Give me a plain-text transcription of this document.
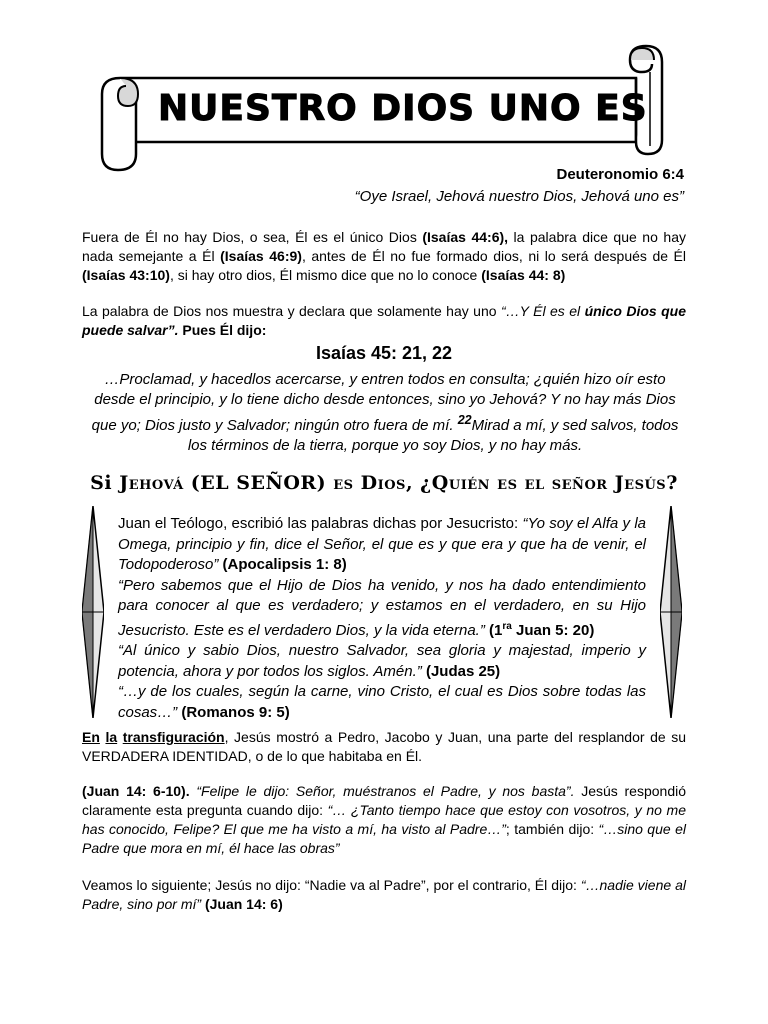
NUESTRO DIOS UNO ES
Deuteronomio 6:4
“Oye Israel, Jehová nuestro Dios, Jehová uno es”
Fuera de Él no hay Dios, o sea, Él es el único Dios (Isaías 44:6), la palabra dice que no hay nada semejante a Él (Isaías 46:9), antes de Él no fue formado dios, ni lo será después de Él (Isaías 43:10), si hay otro dios, Él mismo dice que no lo conoce (Isaías 44: 8)
La palabra de Dios nos muestra y declara que solamente hay uno “…Y Él es el único Dios que puede salvar”. Pues Él dijo:
Isaías 45: 21, 22
…Proclamad, y hacedlos acercarse, y entren todos en consulta; ¿quién hizo oír esto desde el principio, y lo tiene dicho desde entonces, sino yo Jehová? Y no hay más Dios que yo; Dios justo y Salvador; ningún otro fuera de mí. $^{22}$Mirad a mí, y sed salvos, todos los términos de la tierra, porque yo soy Dios, y no hay más.
Si Jehová (EL SEÑOR) es Dios, ¿Quién es el señor Jesús?
Juan el Teólogo, escribió las palabras dichas por Jesucristo: “Yo soy el Alfa y la Omega, principio y fin, dice el Señor, el que es y que era y que ha de venir, el Todopoderoso” (Apocalipsis 1: 8)
“Pero sabemos que el Hijo de Dios ha venido, y nos ha dado entendimiento para conocer al que es verdadero; y estamos en el verdadero, en su Hijo Jesucristo. Este es el verdadero Dios, y la vida eterna.” ($1^{ra}$ Juan 5: 20)
“Al único y sabio Dios, nuestro Salvador, sea gloria y majestad, imperio y potencia, ahora y por todos los siglos. Amén.” (Judas 25)
“…y de los cuales, según la carne, vino Cristo, el cual es Dios sobre todas las cosas…” (Romanos 9: 5)
En la transfiguración, Jesús mostró a Pedro, Jacobo y Juan, una parte del resplandor de su VERDADERA IDENTIDAD, o de lo que habitaba en Él.
(Juan 14: 6-10). “Felipe le dijo: Señor, muéstranos el Padre, y nos basta”. Jesús respondió claramente esta pregunta cuando dijo: “… ¿Tanto tiempo hace que estoy con vosotros, y no me has conocido, Felipe? El que me ha visto a mí, ha visto al Padre…”; también dijo: “…sino que el Padre que mora en mí, él hace las obras”
Veamos lo siguiente; Jesús no dijo: “Nadie va al Padre”, por el contrario, Él dijo: “…nadie viene al Padre, sino por mí” (Juan 14: 6)
